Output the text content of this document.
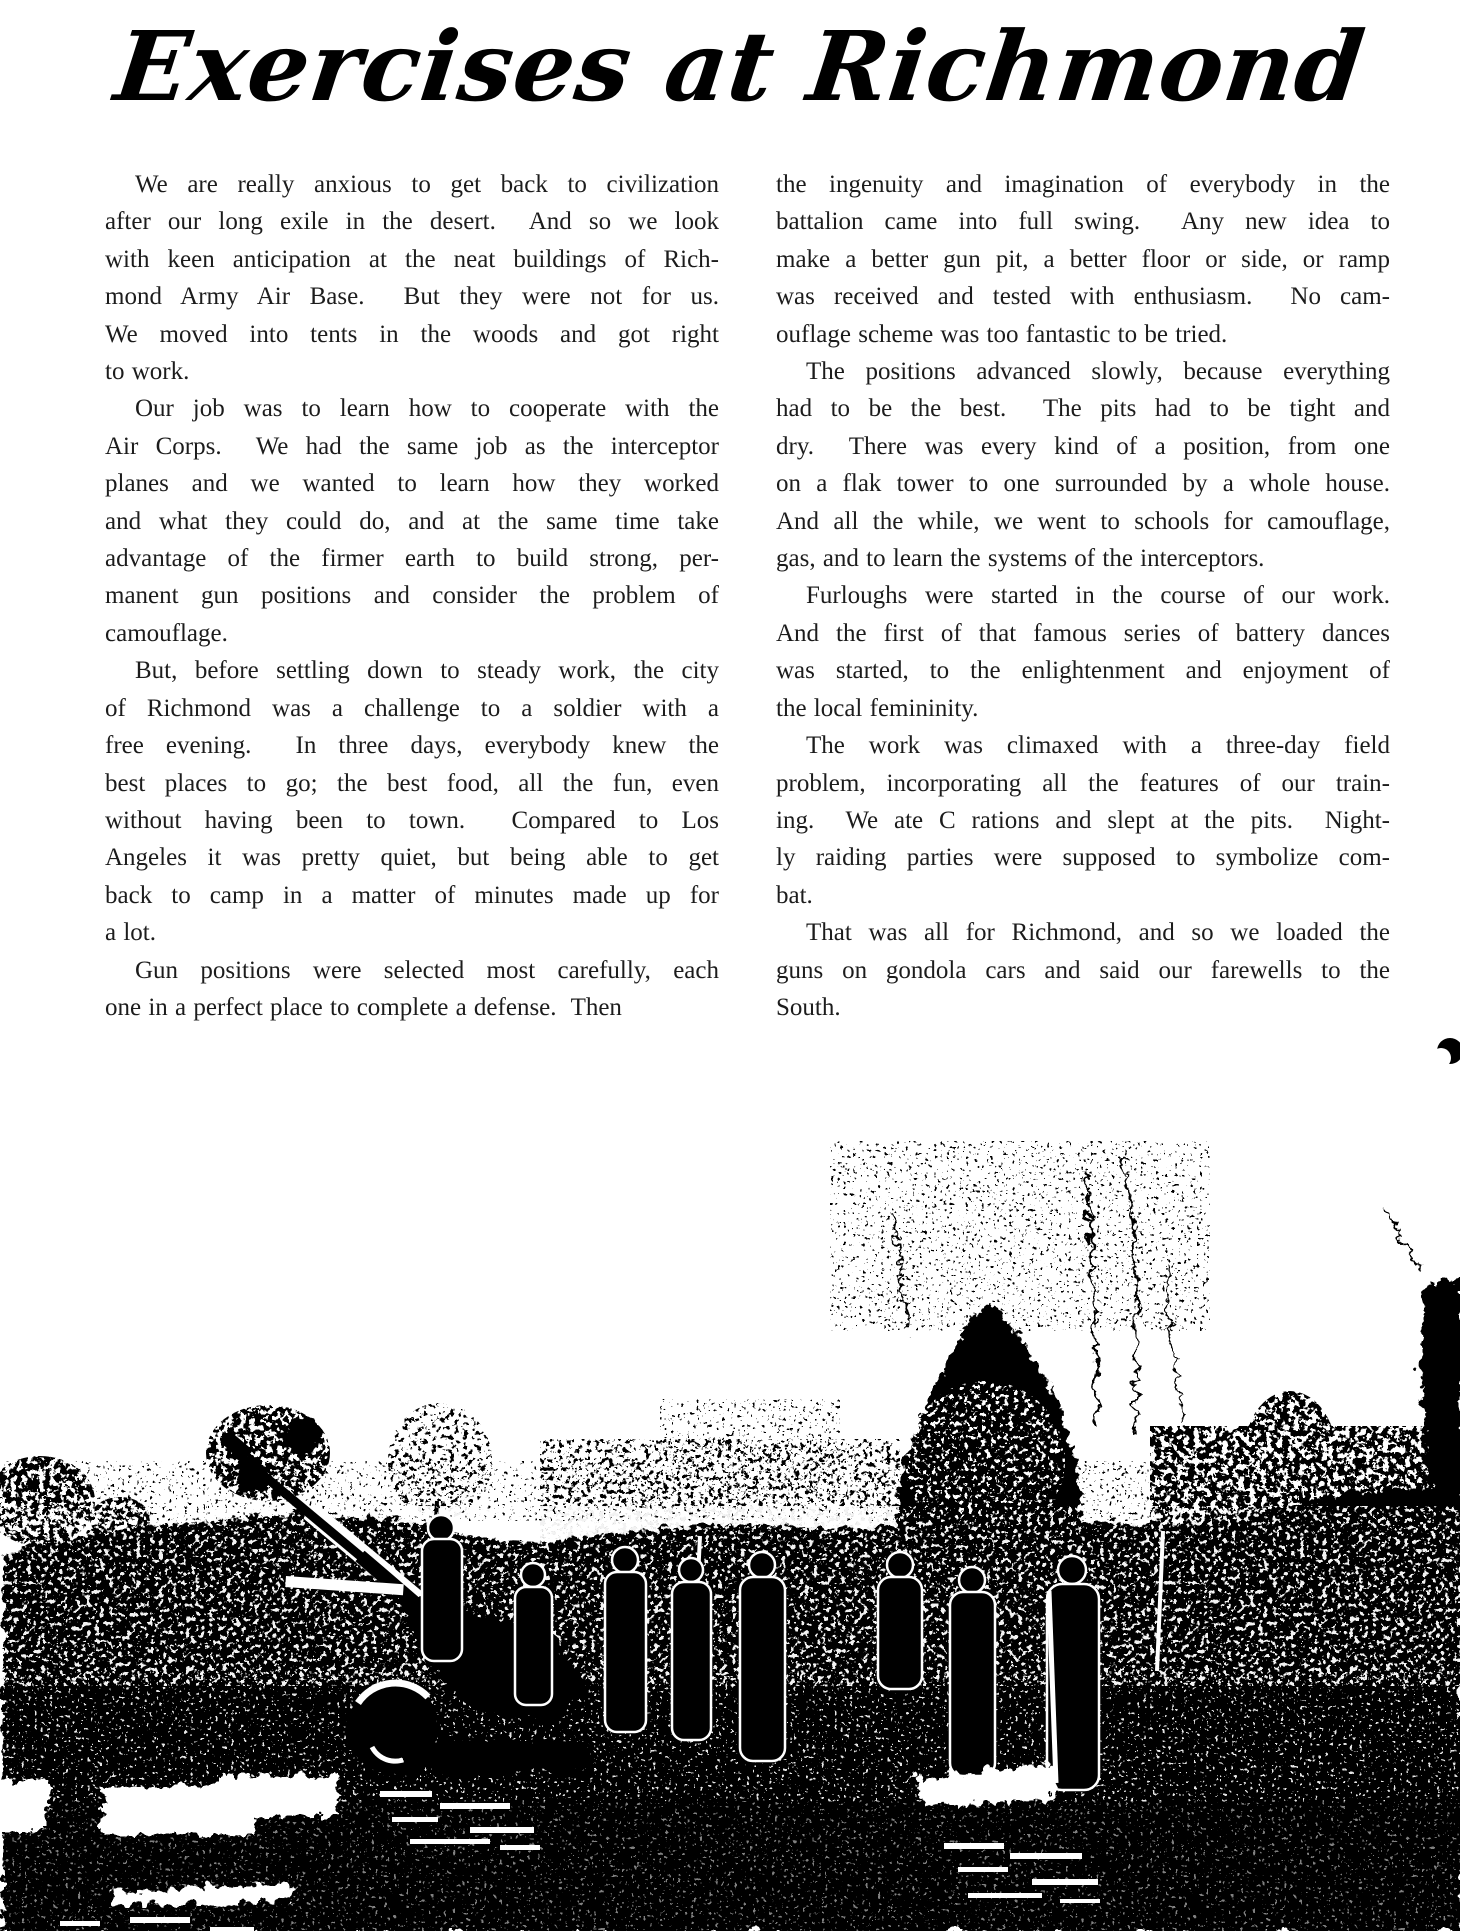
Exercises at Richmond

We are really anxious to get back to civilization
after our long exile in the desert.  And so we look
with keen anticipation at the neat buildings of Rich-
mond Army Air Base.  But they were not for us.
We moved into tents in the woods and got right
to work.

Our job was to learn how to cooperate with the
Air Corps.  We had the same job as the interceptor
planes and we wanted to learn how they worked
and what they could do, and at the same time take
advantage of the firmer earth to build strong, per-
manent gun positions and consider the problem of
camouflage.

But, before settling down to steady work, the city
of Richmond was a challenge to a soldier with a
free evening.  In three days, everybody knew the
best places to go; the best food, all the fun, even
without having been to town.  Compared to Los
Angeles it was pretty quiet, but being able to get
back to camp in a matter of minutes made up for
a lot.

Gun positions were selected most carefully, each
one in a perfect place to complete a defense.  Then

the ingenuity and imagination of everybody in the
battalion came into full swing.  Any new idea to
make a better gun pit, a better floor or side, or ramp
was received and tested with enthusiasm.  No cam-
ouflage scheme was too fantastic to be tried.

The positions advanced slowly, because everything
had to be the best.  The pits had to be tight and
dry.  There was every kind of a position, from one
on a flak tower to one surrounded by a whole house.
And all the while, we went to schools for camouflage,
gas, and to learn the systems of the interceptors.

Furloughs were started in the course of our work.
And the first of that famous series of battery dances
was started, to the enlightenment and enjoyment of
the local femininity.

The work was climaxed with a three-day field
problem, incorporating all the features of our train-
ing.  We ate C rations and slept at the pits.  Night-
ly raiding parties were supposed to symbolize com-
bat.

That was all for Richmond, and so we loaded the
guns on gondola cars and said our farewells to the
South.
